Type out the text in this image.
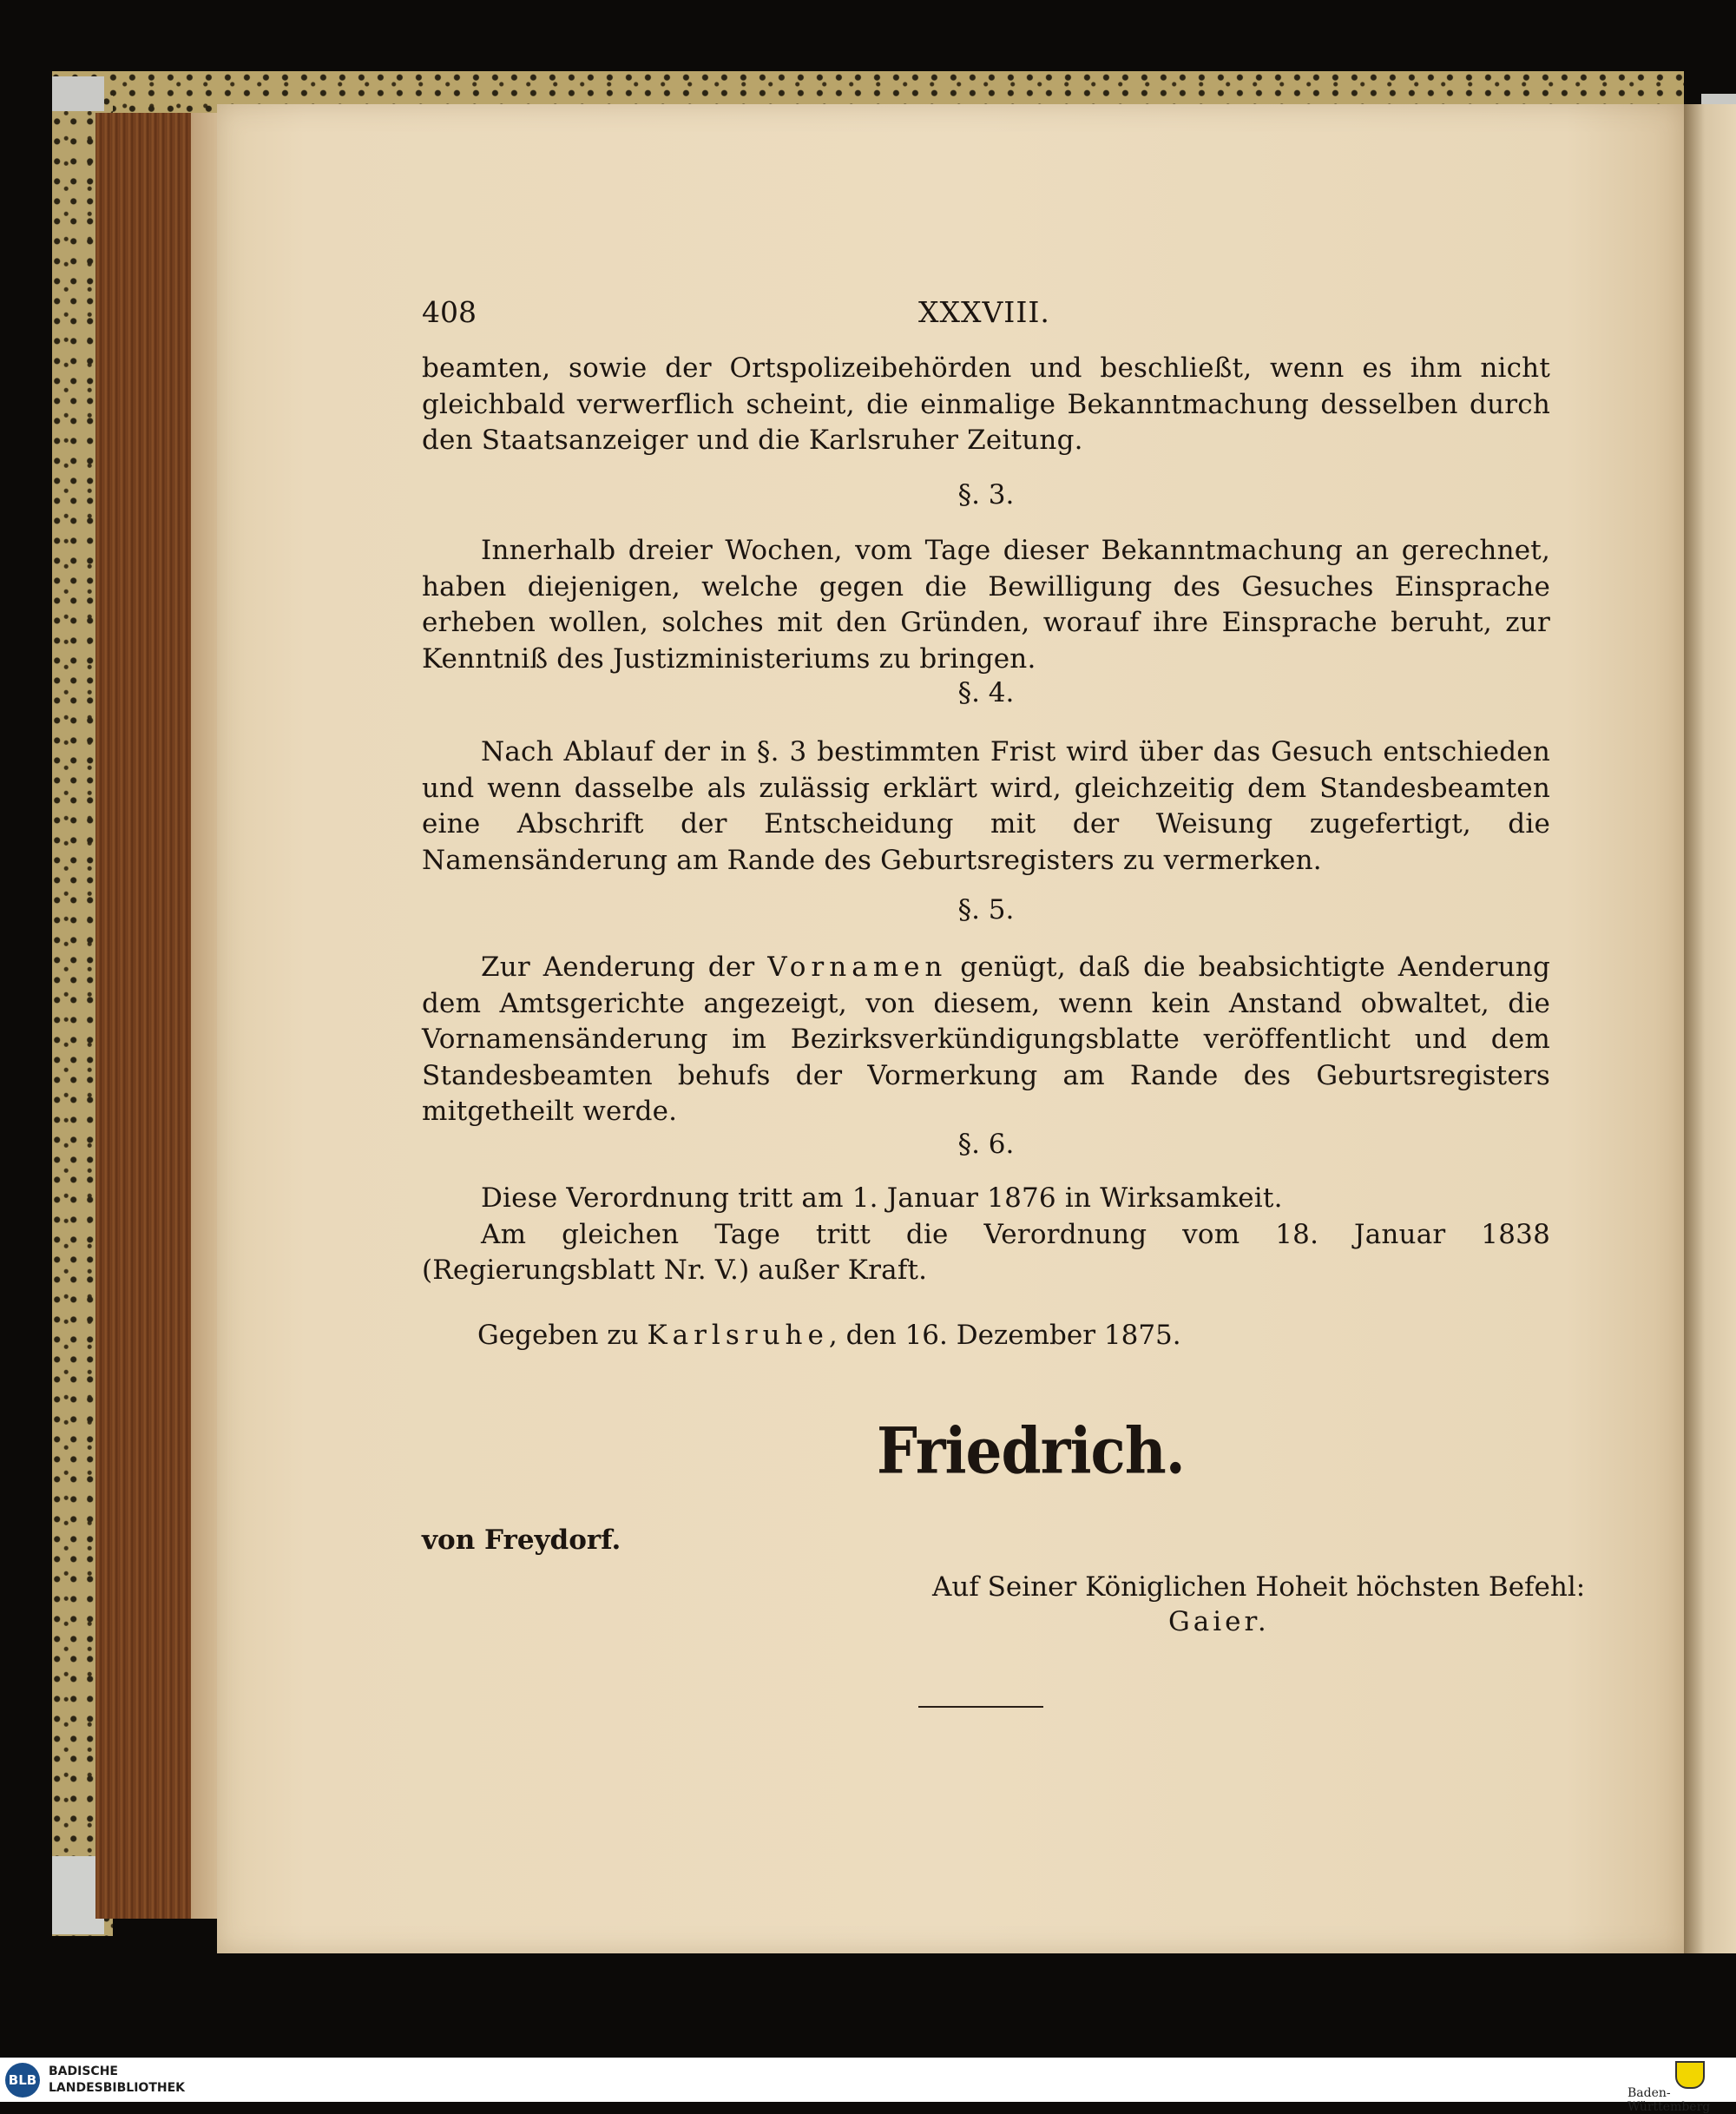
408	XXXVIII.

beamten, sowie der Ortspolizeibehörden und beschließt, wenn es ihm nicht gleichbald verwerflich scheint, die einmalige Bekanntmachung desselben durch den Staatsanzeiger und die Karlsruher Zeitung.

§. 3.

Innerhalb dreier Wochen, vom Tage dieser Bekanntmachung an gerechnet, haben diejenigen, welche gegen die Bewilligung des Gesuches Einsprache erheben wollen, solches mit den Gründen, worauf ihre Einsprache beruht, zur Kenntniß des Justizministeriums zu bringen.

§. 4.

Nach Ablauf der in §. 3 bestimmten Frist wird über das Gesuch entschieden und wenn dasselbe als zulässig erklärt wird, gleichzeitig dem Standesbeamten eine Abschrift der Entscheidung mit der Weisung zugefertigt, die Namensänderung am Rande des Geburtsregisters zu vermerken.

§. 5.

Zur Aenderung der Vornamen genügt, daß die beabsichtigte Aenderung dem Amtsgerichte angezeigt, von diesem, wenn kein Anstand obwaltet, die Vornamensänderung im Bezirksverkündigungsblatte veröffentlicht und dem Standesbeamten behufs der Vormerkung am Rande des Geburtsregisters mitgetheilt werde.

§. 6.

Diese Verordnung tritt am 1. Januar 1876 in Wirksamkeit.

Am gleichen Tage tritt die Verordnung vom 18. Januar 1838 (Regierungsblatt Nr. V.) außer Kraft.

Gegeben zu Karlsruhe, den 16. Dezember 1875.
Friedrich.
von Freydorf.
Auf Seiner Königlichen Hoheit höchsten Befehl:
Gaier.
BLB
BADISCHE
LANDESBIBLIOTHEK	Baden-Württemberg
